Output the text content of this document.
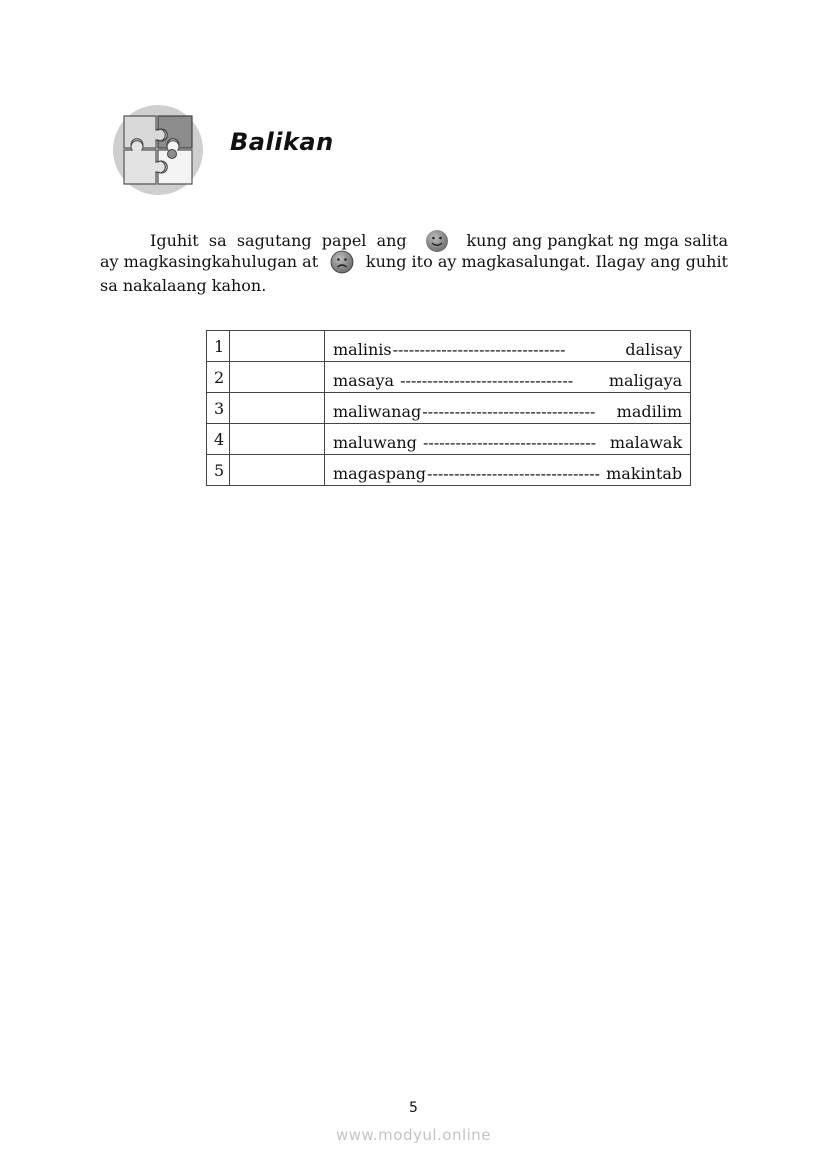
Balikan
Iguhit  sa  sagutang  papel  ang	kung ang pangkat ng mga salita
ay magkasingkahulugan at	kung ito ay magkasalungat. Ilagay ang guhit
sa nakalaang kahon.
1		malinis -------------------------------- dalisay

2		masaya -------------------------------- maligaya

3		maliwanag -------------------------------- madilim

4		maluwang -------------------------------- malawak

5		magaspang -------------------------------- makintab
5
www.modyul.online
